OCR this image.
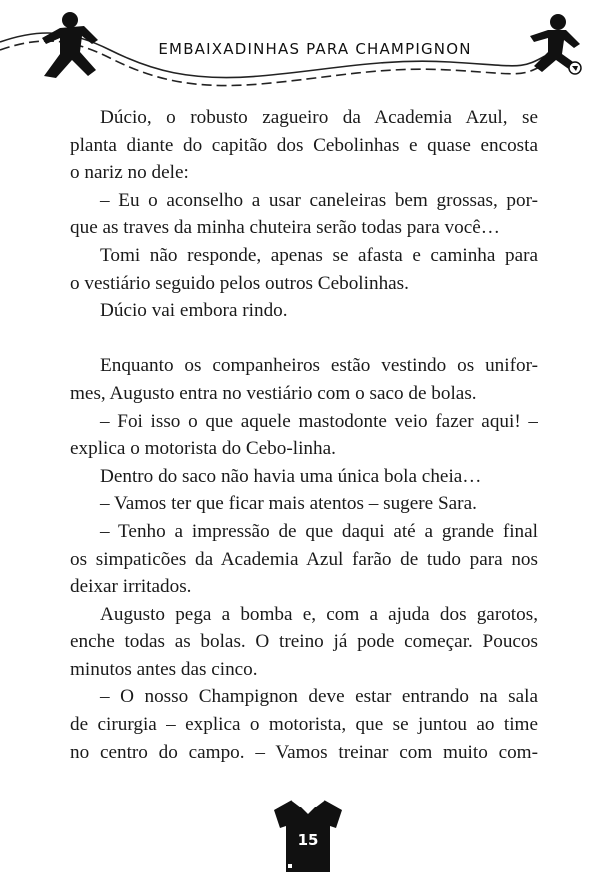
EMBAIXADINHAS PARA CHAMPIGNON
Dúcio, o robusto zagueiro da Academia Azul, se
planta diante do capitão dos Cebolinhas e quase encosta
o nariz no dele:
– Eu o aconselho a usar caneleiras bem grossas, por-
que as traves da minha chuteira serão todas para você…
Tomi não responde, apenas se afasta e caminha para
o vestiário seguido pelos outros Cebolinhas.
Dúcio vai embora rindo.
Enquanto os companheiros estão vestindo os unifor-
mes, Augusto entra no vestiário com o saco de bolas.
– Foi isso o que aquele mastodonte veio fazer aqui! –
explica o motorista do Cebo-linha.
Dentro do saco não havia uma única bola cheia…
– Vamos ter que ficar mais atentos – sugere Sara.
– Tenho a impressão de que daqui até a grande final
os simpaticões da Academia Azul farão de tudo para nos
deixar irritados.
Augusto pega a bomba e, com a ajuda dos garotos,
enche todas as bolas. O treino já pode começar. Poucos
minutos antes das cinco.
– O nosso Champignon deve estar entrando na sala
de cirurgia – explica o motorista, que se juntou ao time
no centro do campo. – Vamos treinar com muito com-
15
